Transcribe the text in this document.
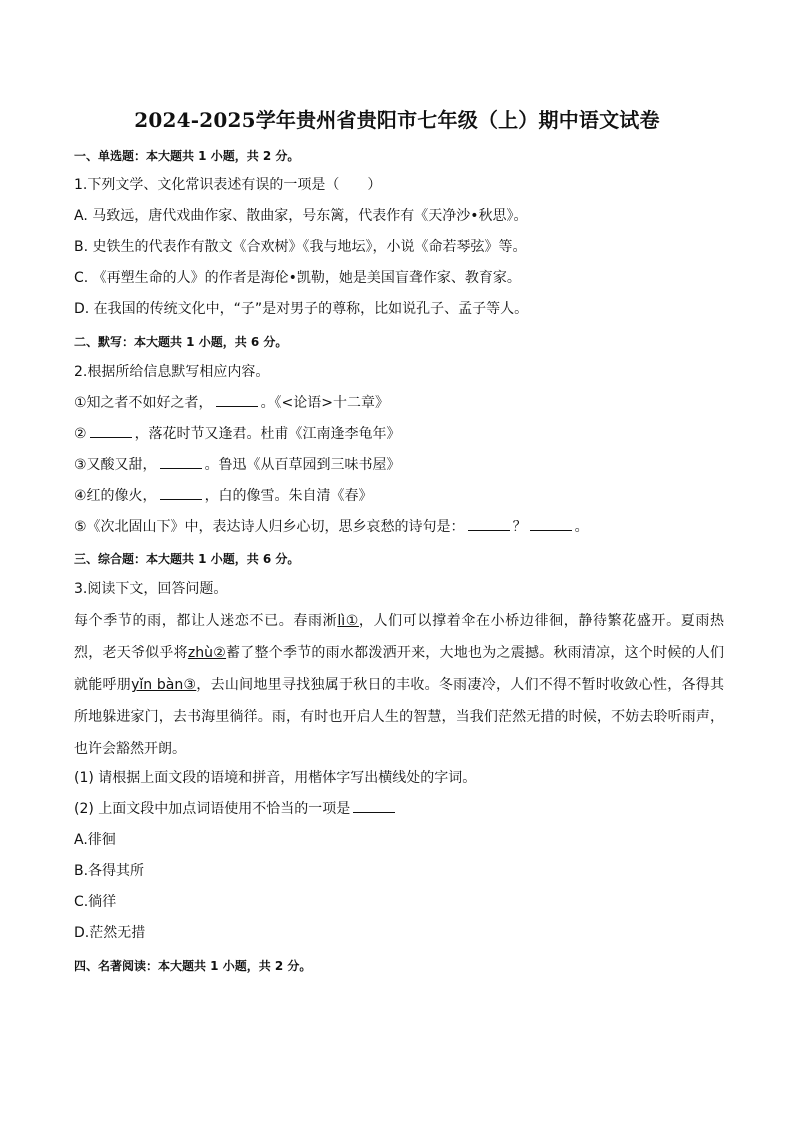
2024-2025学年贵州省贵阳市七年级（上）期中语文试卷
一、单选题：本大题共 1 小题，共 2 分。
1.下列文学、文化常识表述有误的一项是（　　）
A. 马致远，唐代戏曲作家、散曲家，号东篱，代表作有《天净沙•秋思》。
B. 史铁生的代表作有散文《合欢树》《我与地坛》，小说《命若琴弦》等。
C. 《再塑生命的人》的作者是海伦•凯勒，她是美国盲聋作家、教育家。
D. 在我国的传统文化中，“子”是对男子的尊称，比如说孔子、孟子等人。
二、默写：本大题共 1 小题，共 6 分。
2.根据所给信息默写相应内容。
①知之者不如好之者，	。《<论语>十二章》
②	，落花时节又逢君。杜甫《江南逢李龟年》
③又酸又甜，	。鲁迅《从百草园到三味书屋》
④红的像火，	，白的像雪。朱自清《春》
⑤《次北固山下》中，表达诗人归乡心切，思乡哀愁的诗句是：	？	。
三、综合题：本大题共 1 小题，共 6 分。
3.阅读下文，回答问题。
每个季节的雨，都让人迷恋不已。春雨淅lì①，人们可以撑着伞在小桥边徘徊，静待繁花盛开。夏雨热烈，老天爷似乎将zhù②蓄了整个季节的雨水都泼洒开来，大地也为之震撼。秋雨清凉，这个时候的人们就能呼朋yǐn bàn③，去山间地里寻找独属于秋日的丰收。冬雨凄冷，人们不得不暂时收敛心性，各得其所地躲进家门，去书海里徜徉。雨，有时也开启人生的智慧，当我们茫然无措的时候，不妨去聆听雨声，也许会豁然开朗。
(1) 请根据上面文段的语境和拼音，用楷体字写出横线处的字词。
(2) 上面文段中加点词语使用不恰当的一项是
A.徘徊
B.各得其所
C.徜徉
D.茫然无措
四、名著阅读：本大题共 1 小题，共 2 分。
